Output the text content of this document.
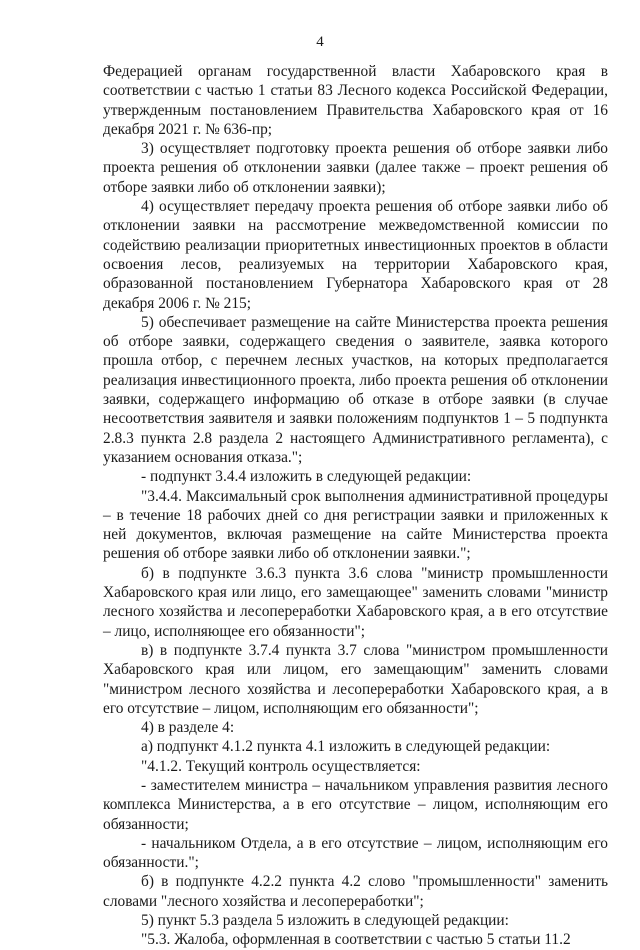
4

Федерацией органам государственной власти Хабаровского края в соответствии с частью 1 статьи 83 Лесного кодекса Российской Федерации, утвержденным постановлением Правительства Хабаровского края от 16 декабря 2021 г. № 636-пр;

3) осуществляет подготовку проекта решения об отборе заявки либо проекта решения об отклонении заявки (далее также – проект решения об отборе заявки либо об отклонении заявки);

4) осуществляет передачу проекта решения об отборе заявки либо об отклонении заявки на рассмотрение межведомственной комиссии по содействию реализации приоритетных инвестиционных проектов в области освоения лесов, реализуемых на территории Хабаровского края, образованной постановлением Губернатора Хабаровского края от 28 декабря 2006 г. № 215;

5) обеспечивает размещение на сайте Министерства проекта решения об отборе заявки, содержащего сведения о заявителе, заявка которого прошла отбор, с перечнем лесных участков, на которых предполагается реализация инвестиционного проекта, либо проекта решения об отклонении заявки, содержащего информацию об отказе в отборе заявки (в случае несоответствия заявителя и заявки положениям подпунктов 1 – 5 подпункта 2.8.3 пункта 2.8 раздела 2 настоящего Административного регламента), с указанием основания отказа.";

- подпункт 3.4.4 изложить в следующей редакции:

"3.4.4. Максимальный срок выполнения административной процедуры – в течение 18 рабочих дней со дня регистрации заявки и приложенных к ней документов, включая размещение на сайте Министерства проекта решения об отборе заявки либо об отклонении заявки.";

б) в подпункте 3.6.3 пункта 3.6 слова "министр промышленности Хабаровского края или лицо, его замещающее" заменить словами "министр лесного хозяйства и лесопереработки Хабаровского края, а в его отсутствие – лицо, исполняющее его обязанности";

в) в подпункте 3.7.4 пункта 3.7 слова "министром промышленности Хабаровского края или лицом, его замещающим" заменить словами "министром лесного хозяйства и лесопереработки Хабаровского края, а в его отсутствие – лицом, исполняющим его обязанности";

4) в разделе 4:

а) подпункт 4.1.2 пункта 4.1 изложить в следующей редакции:

"4.1.2. Текущий контроль осуществляется:

- заместителем министра – начальником управления развития лесного комплекса Министерства, а в его отсутствие – лицом, исполняющим его обязанности;

- начальником Отдела, а в его отсутствие – лицом, исполняющим его обязанности.";

б) в подпункте 4.2.2 пункта 4.2 слово "промышленности" заменить словами "лесного хозяйства и лесопереработки";

5) пункт 5.3 раздела 5 изложить в следующей редакции:

"5.3. Жалоба, оформленная в соответствии с частью 5 статьи 11.2
